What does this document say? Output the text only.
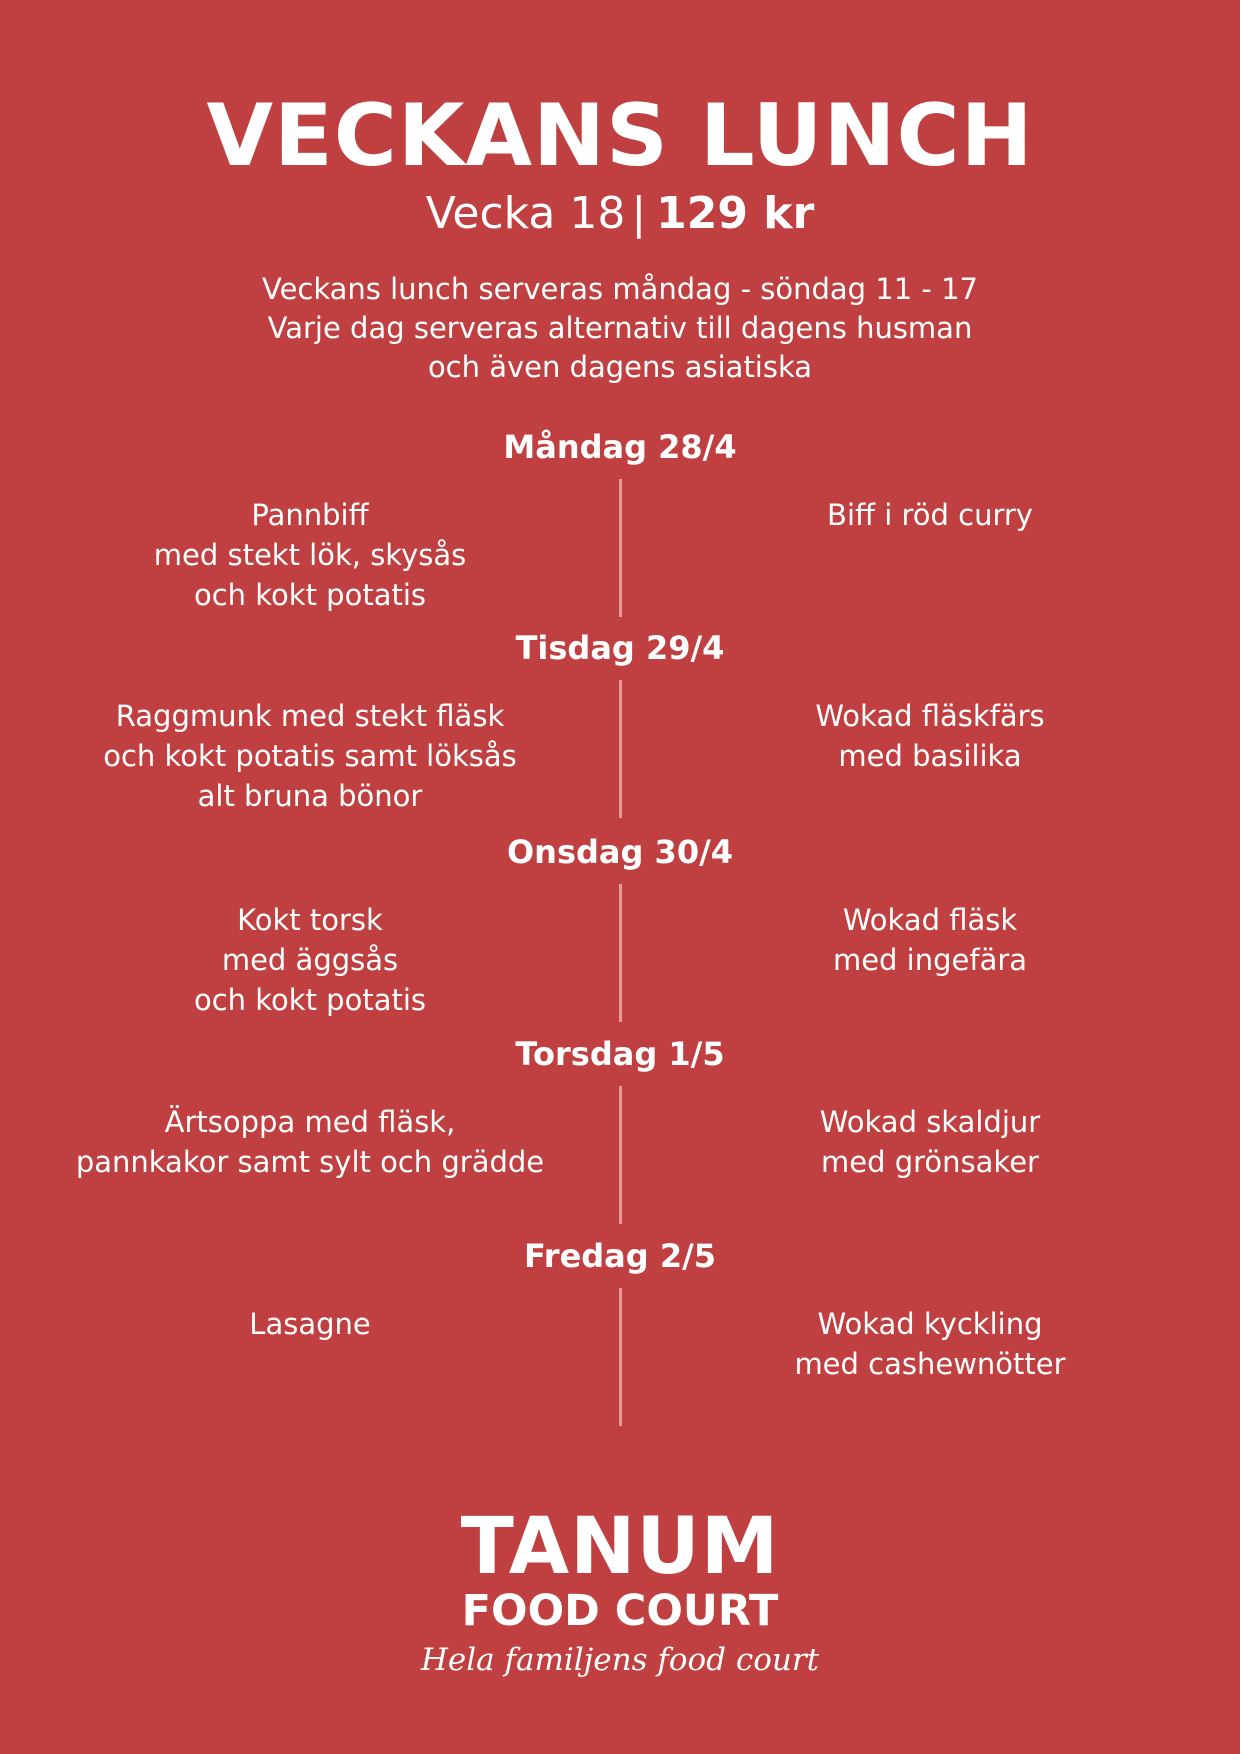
VECKANS LUNCH
Vecka 18 | 129 kr
Veckans lunch serveras måndag - söndag 11 - 17
Varje dag serveras alternativ till dagens husman
och även dagens asiatiska
Måndag 28/4
Pannbiff
med stekt lök, skysås
och kokt potatis
Biff i röd curry
Tisdag 29/4
Raggmunk med stekt fläsk
och kokt potatis samt löksås
alt bruna bönor
Wokad fläskfärs
med basilika
Onsdag 30/4
Kokt torsk
med äggsås
och kokt potatis
Wokad fläsk
med ingefära
Torsdag 1/5
Ärtsoppa med fläsk,
pannkakor samt sylt och grädde
Wokad skaldjur
med grönsaker
Fredag 2/5
Lasagne	Wokad kyckling
med cashewnötter
TANUM
FOOD COURT
Hela familjens food court
